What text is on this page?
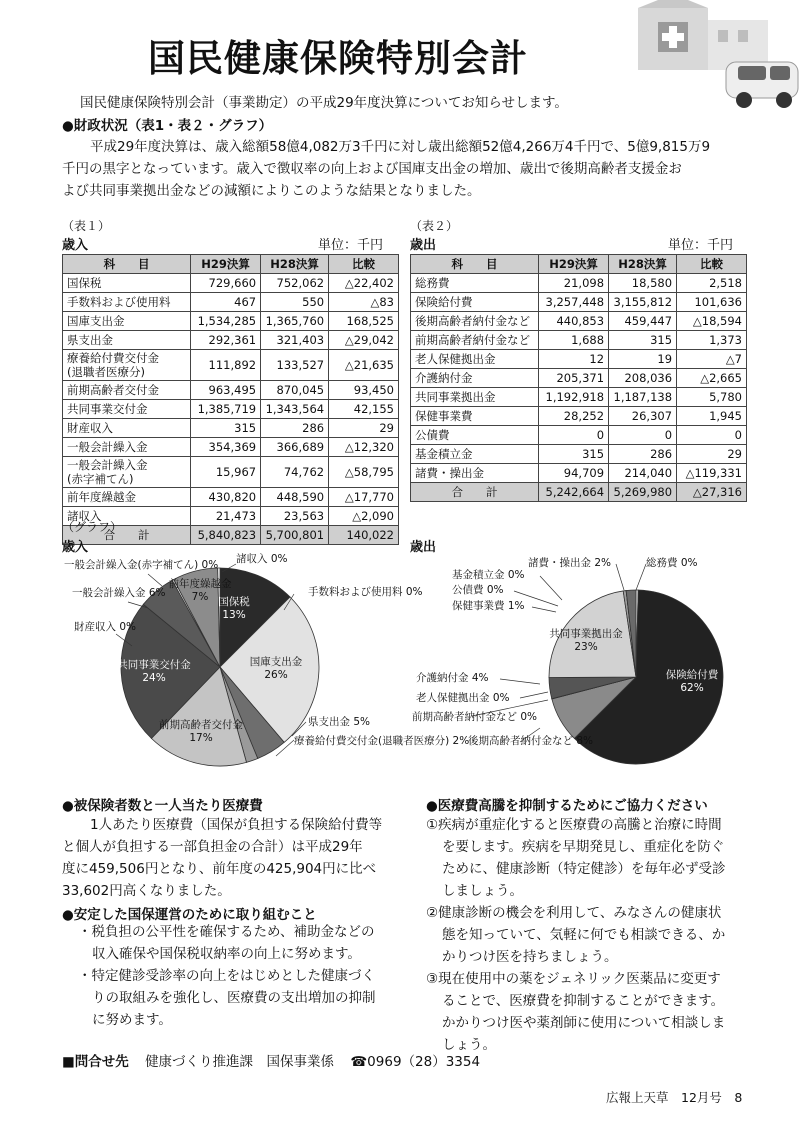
国民健康保険特別会計
国民健康保険特別会計（事業勘定）の平成29年度決算についてお知らせします。
●財政状況（表1・表２・グラフ）
平成29年度決算は、歳入総額58億4,082万3千円に対し歳出総額52億4,266万4千円で、5億9,815万9
千円の黒字となっています。歳入で徴収率の向上および国庫支出金の増加、歳出で後期高齢者支援金お
よび共同事業拠出金などの減額によりこのような結果となりました。
（表１）
歳入	単位：千円
科　　目	H29決算	H28決算	比較
国保税	729,660	752,062	△22,402
手数料および使用料	467	550	△83
国庫支出金	1,534,285	1,365,760	168,525
県支出金	292,361	321,403	△29,042
療養給付費交付金
(退職者医療分)	111,892	133,527	△21,635
前期高齢者交付金	963,495	870,045	93,450
共同事業交付金	1,385,719	1,343,564	42,155
財産収入	315	286	29
一般会計繰入金	354,369	366,689	△12,320
一般会計繰入金
(赤字補てん)	15,967	74,762	△58,795
前年度繰越金	430,820	448,590	△17,770
諸収入	21,473	23,563	△2,090
合　　計	5,840,823	5,700,801	140,022
（表２）
歳出	単位：千円
科　　目	H29決算	H28決算	比較
総務費	21,098	18,580	2,518
保険給付費	3,257,448	3,155,812	101,636
後期高齢者納付金など	440,853	459,447	△18,594
前期高齢者納付金など	1,688	315	1,373
老人保健拠出金	12	19	△7
介護納付金	205,371	208,036	△2,665
共同事業拠出金	1,192,918	1,187,138	5,780
保健事業費	28,252	26,307	1,945
公債費	0	0	0
基金積立金	315	286	29
諸費・操出金	94,709	214,040	△119,331
合　　計	5,242,664	5,269,980	△27,316
（グラフ）
歳入	歳出
国保税 13%
手数料および使用料 0%
国庫支出金 26%
県支出金 5%
療養給付費交付金(退職者医療分) 2%
前期高齢者交付金 17%
共同事業交付金 24%
財産収入 0%
一般会計繰入金 6%
一般会計繰入金(赤字補てん) 0%
前年度繰越金 7%
諸収入 0%	総務費 0%
保険給付費 62%
後期高齢者納付金など 8%
前期高齢者納付金など 0%
老人保健拠出金 0%
介護納付金 4%
共同事業拠出金 23%
保健事業費 1%
公債費 0%
基金積立金 0%
諸費・操出金 2%
●被保険者数と一人当たり医療費
1人あたり医療費（国保が負担する保険給付費等
と個人が負担する一部負担金の合計）は平成29年
度に459,506円となり、前年度の425,904円に比べ
33,602円高くなりました。
●安定した国保運営のために取り組むこと
・税負担の公平性を確保するため、補助金などの
収入確保や国保税収納率の向上に努めます。
・特定健診受診率の向上をはじめとした健康づく
りの取組みを強化し、医療費の支出増加の抑制
に努めます。
●医療費高騰を抑制するためにご協力ください
①疾病が重症化すると医療費の高騰と治療に時間
を要します。疾病を早期発見し、重症化を防ぐ
ために、健康診断（特定健診）を毎年必ず受診
しましょう。
②健康診断の機会を利用して、みなさんの健康状
態を知っていて、気軽に何でも相談できる、か
かりつけ医を持ちましょう。
③現在使用中の薬をジェネリック医薬品に変更す
ることで、医療費を抑制することができます。
かかりつけ医や薬剤師に使用について相談しま
しょう。
■問合せ先 健康づくり推進課　国保事業係 ☎0969（28）3354
広報上天草　12月号　8
